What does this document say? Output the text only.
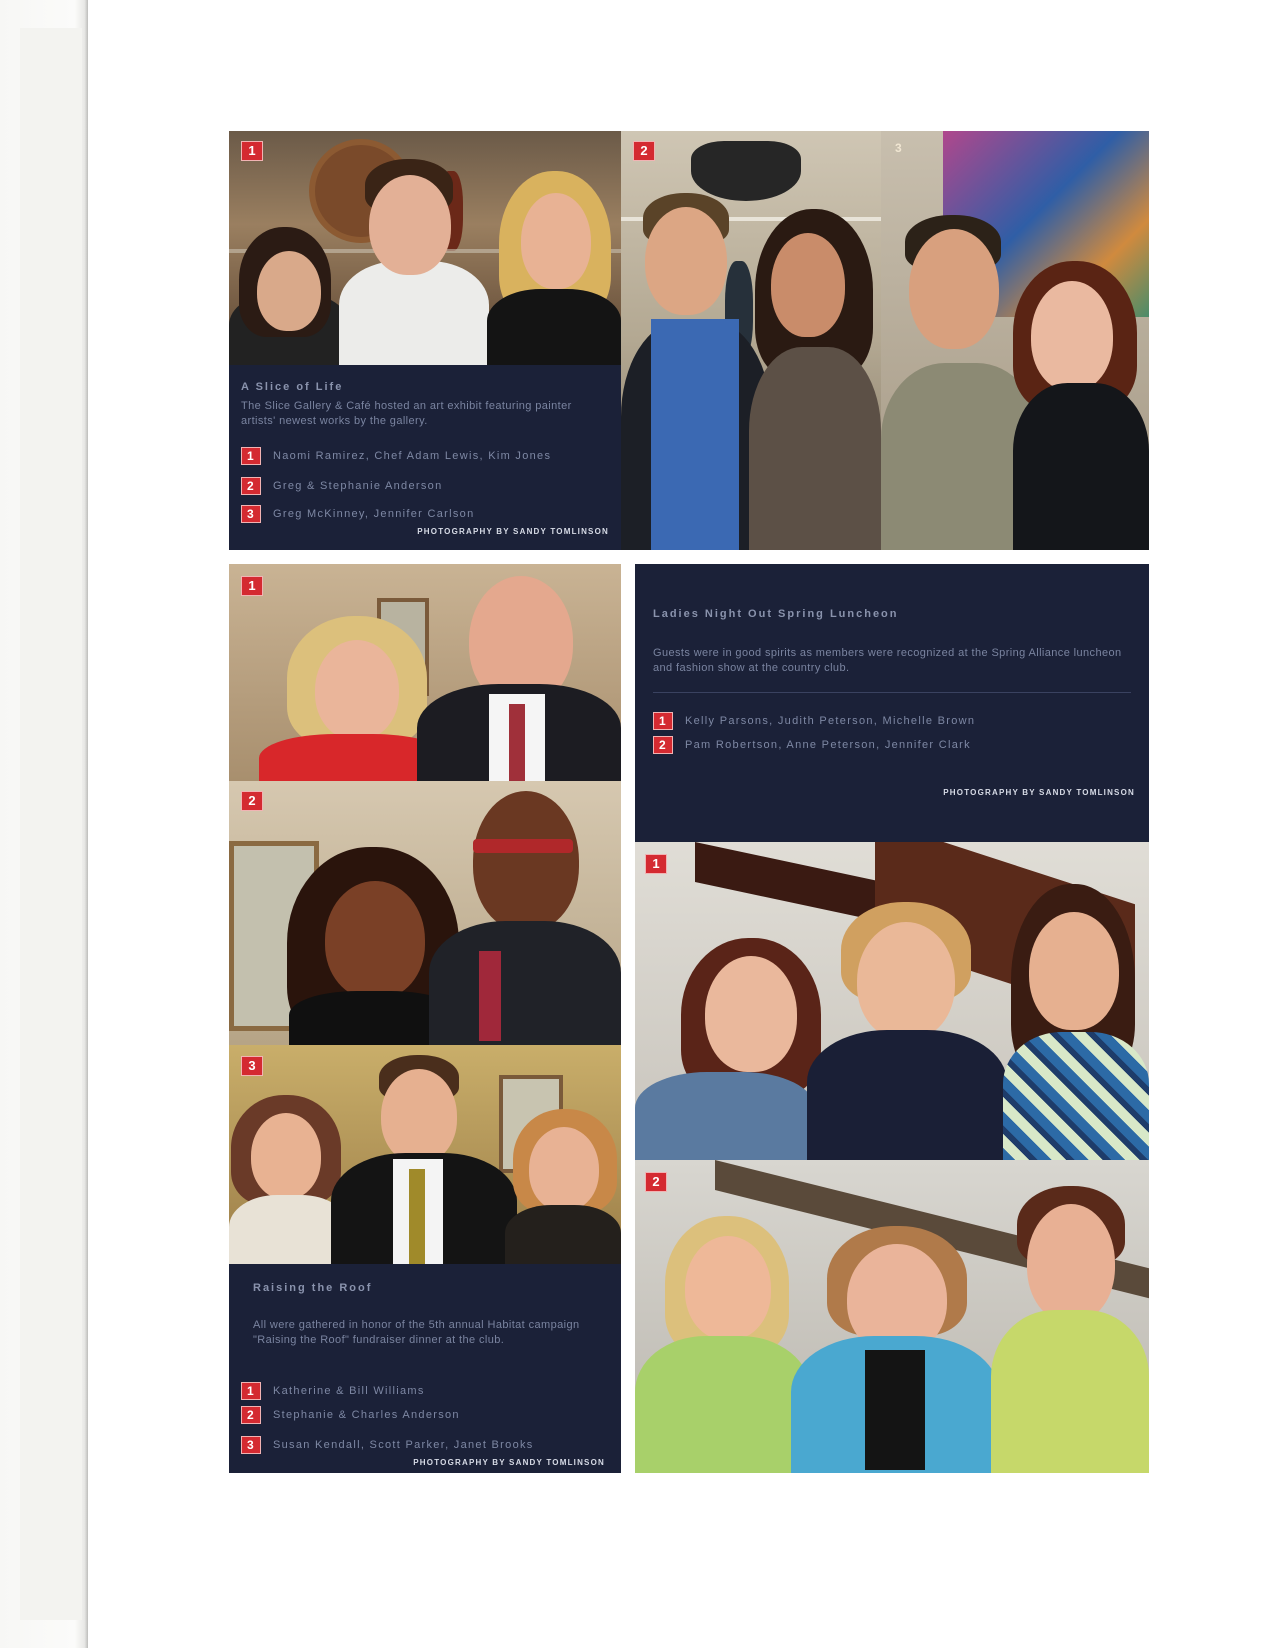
1	2	3
A Slice of Life
The Slice Gallery & Café hosted an art exhibit featuring painter artists' newest works by the gallery.
1	Naomi Ramirez, Chef Adam Lewis, Kim Jones
2	Greg & Stephanie Anderson
3	Greg McKinney, Jennifer Carlson
PHOTOGRAPHY BY SANDY TOMLINSON
1
2
3
Raising the Roof
All were gathered in honor of the 5th annual Habitat campaign "Raising the Roof" fundraiser dinner at the club.
1	Katherine & Bill Williams
2	Stephanie & Charles Anderson
3	Susan Kendall, Scott Parker, Janet Brooks
PHOTOGRAPHY BY SANDY TOMLINSON
Ladies Night Out Spring Luncheon
Guests were in good spirits as members were recognized at the Spring Alliance luncheon and fashion show at the country club.
1	Kelly Parsons, Judith Peterson, Michelle Brown
2	Pam Robertson, Anne Peterson, Jennifer Clark
PHOTOGRAPHY BY SANDY TOMLINSON
1
2
